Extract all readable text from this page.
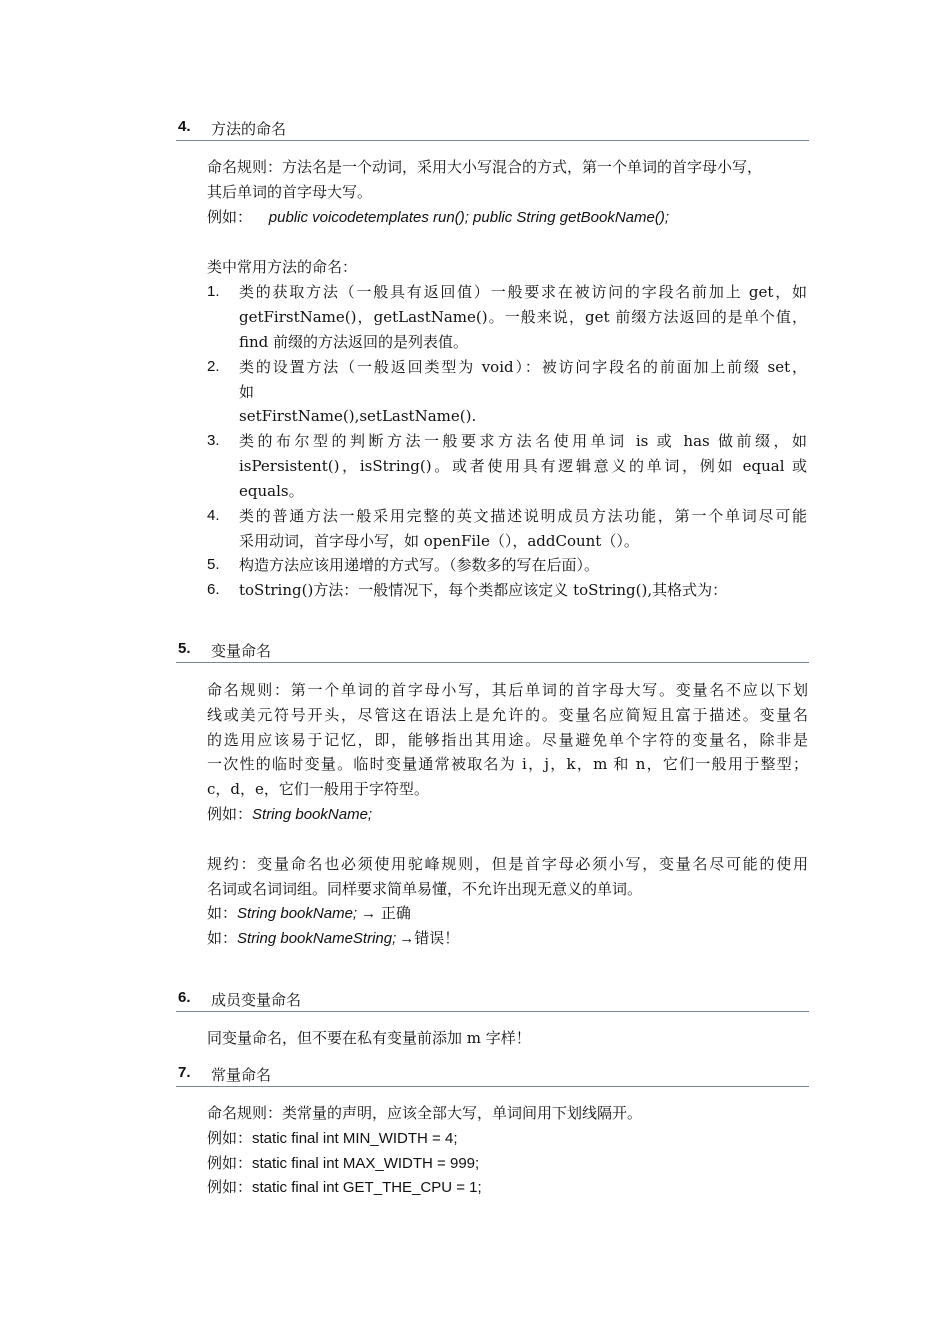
4. 方法的命名
命名规则：方法名是一个动词，采用大小写混合的方式，第一个单词的首字母小写，
其后单词的首字母大写。
例如： public voicodetemplates run(); public String getBookName();
类中常用方法的命名：
1. 类的获取方法（一般具有返回值）一般要求在被访问的字段名前加上 get，如
getFirstName()，getLastName()。一般来说，get 前缀方法返回的是单个值，
find 前缀的方法返回的是列表值。
2. 类的设置方法（一般返回类型为 void）：被访问字段名的前面加上前缀 set，
如
setFirstName(),setLastName().
3. 类的布尔型的判断方法一般要求方法名使用单词 is 或 has 做前缀，如
isPersistent()，isString()。或者使用具有逻辑意义的单词，例如 equal 或
equals。
4. 类的普通方法一般采用完整的英文描述说明成员方法功能，第一个单词尽可能
采用动词，首字母小写，如 openFile（），addCount（）。
5. 构造方法应该用递增的方式写。（参数多的写在后面）。
6. toString()方法：一般情况下，每个类都应该定义 toString(),其格式为：
5. 变量命名
命名规则：第一个单词的首字母小写，其后单词的首字母大写。变量名不应以下划
线或美元符号开头，尽管这在语法上是允许的。变量名应简短且富于描述。变量名
的选用应该易于记忆，即，能够指出其用途。尽量避免单个字符的变量名，除非是
一次性的临时变量。临时变量通常被取名为 i，j，k，m 和 n，它们一般用于整型；
c，d，e，它们一般用于字符型。
例如：String bookName;
规约：变量命名也必须使用驼峰规则，但是首字母必须小写，变量名尽可能的使用
名词或名词词组。同样要求简单易懂，不允许出现无意义的单词。
如：String bookName; → 正确
如：String bookNameString; →错误！
6. 成员变量命名
同变量命名，但不要在私有变量前添加 m 字样！
7. 常量命名
命名规则：类常量的声明，应该全部大写，单词间用下划线隔开。
例如：static final int MIN_WIDTH = 4;
例如：static final int MAX_WIDTH = 999;
例如：static final int GET_THE_CPU = 1;
